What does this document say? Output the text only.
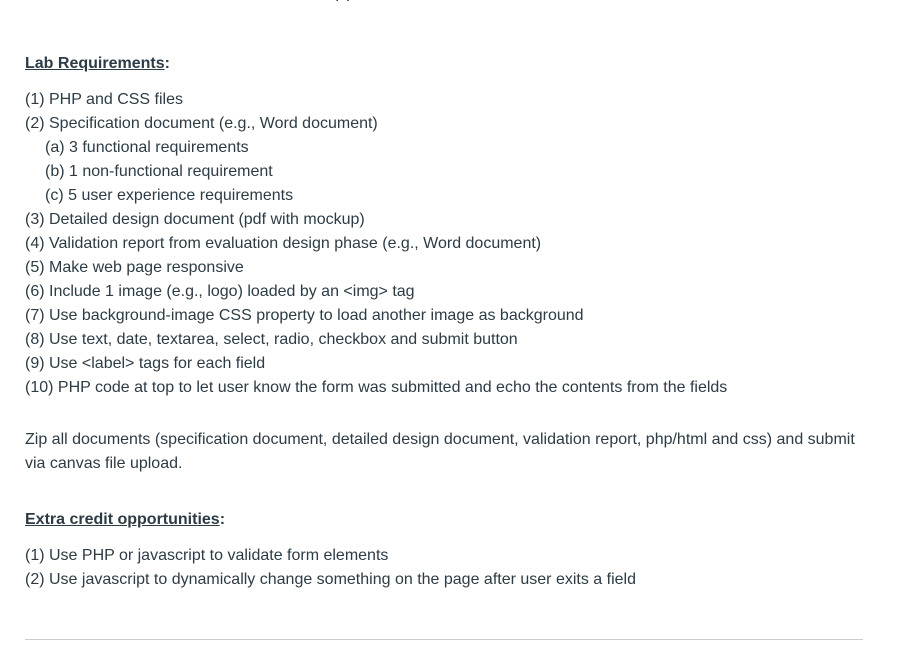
Lab Requirements:

(1) PHP and CSS files
(2) Specification document (e.g., Word document)
(a) 3 functional requirements
(b) 1 non-functional requirement
(c) 5 user experience requirements
(3) Detailed design document (pdf with mockup)
(4) Validation report from evaluation design phase (e.g., Word document)
(5) Make web page responsive
(6) Include 1 image (e.g., logo) loaded by an <img> tag
(7) Use background-image CSS property to load another image as background
(8) Use text, date, textarea, select, radio, checkbox and submit button
(9) Use <label> tags for each field
(10) PHP code at top to let user know the form was submitted and echo the contents from the fields

Zip all documents (specification document, detailed design document, validation report, php/html and css) and submit via canvas file upload.

Extra credit opportunities:

(1) Use PHP or javascript to validate form elements
(2) Use javascript to dynamically change something on the page after user exits a field
